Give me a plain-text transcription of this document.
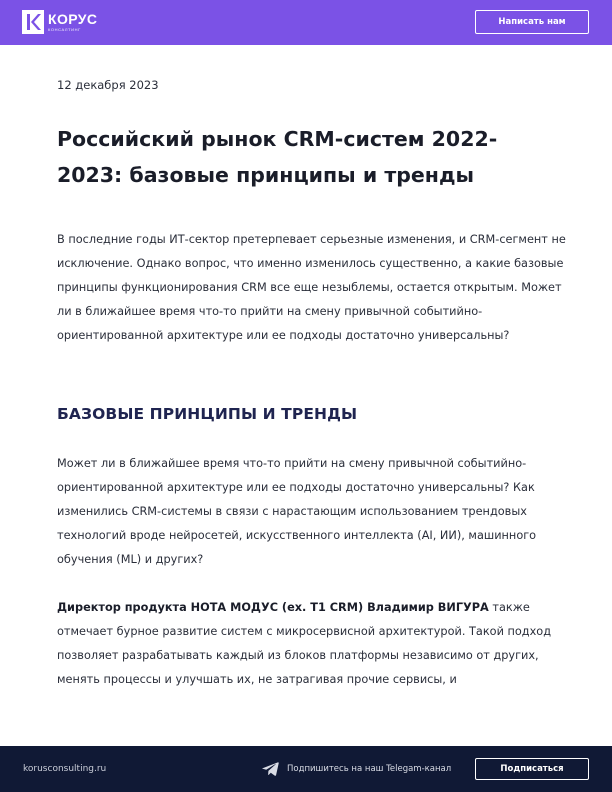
КОРУС
КОНСАЛТИНГ
Написать нам
12 декабря 2023
Российский рынок CRM-систем 2022-2023: базовые принципы и тренды

В последние годы ИТ-сектор претерпевает серьезные изменения, и CRM-сегмент не исключение. Однако вопрос, что именно изменилось существенно, а какие базовые принципы функционирования CRM все еще незыблемы, остается открытым. Может ли в ближайшее время что-то прийти на смену привычной событийно-ориентированной архитектуре или ее подходы достаточно универсальны?

БАЗОВЫЕ ПРИНЦИПЫ И ТРЕНДЫ

Может ли в ближайшее время что-то прийти на смену привычной событийно-ориентированной архитектуре или ее подходы достаточно универсальны? Как изменились CRM-системы в связи с нарастающим использованием трендовых технологий вроде нейросетей, искусственного интеллекта (AI, ИИ), машинного обучения (ML) и других?

Директор продукта НОТА МОДУС (ex. Т1 CRM) Владимир ВИГУРА также отмечает бурное развитие систем с микросервисной архитектурой. Такой подход позволяет разрабатывать каждый из блоков платформы независимо от других, менять процессы и улучшать их, не затрагивая прочие сервисы, и

korusconsulting.ru	Подпишитесь на наш Telegam-канал	Подписаться
